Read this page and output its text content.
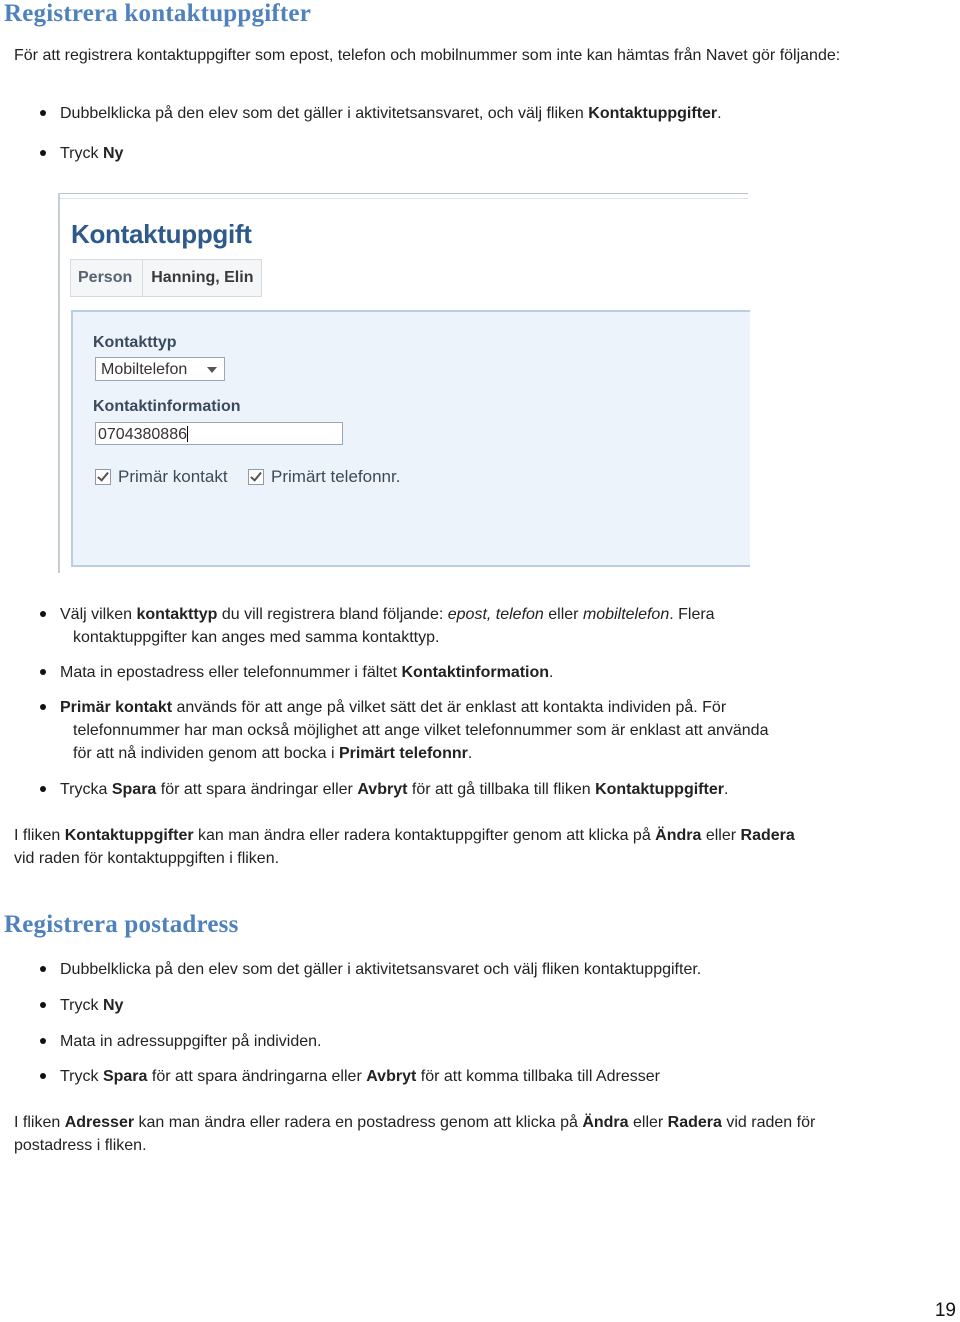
Registrera kontaktuppgifter
För att registrera kontaktuppgifter som epost, telefon och mobilnummer som inte kan hämtas från Navet gör följande:
Dubbelklicka på den elev som det gäller i aktivitetsansvaret, och välj fliken Kontaktuppgifter.
Tryck Ny
Kontaktuppgift
Person	Hanning, Elin
Kontakttyp
Mobiltelefon
Kontaktinformation
0704380886
Primär kontakt	Primärt telefonnr.
Välj vilken kontakttyp du vill registrera bland följande: epost, telefon eller mobiltelefon. Flera
kontaktuppgifter kan anges med samma kontakttyp.
Mata in epostadress eller telefonnummer i fältet Kontaktinformation.
Primär kontakt används för att ange på vilket sätt det är enklast att kontakta individen på. För
telefonnummer har man också möjlighet att ange vilket telefonnummer som är enklast att använda
för att nå individen genom att bocka i Primärt telefonnr.
Trycka Spara för att spara ändringar eller Avbryt för att gå tillbaka till fliken Kontaktuppgifter.
I fliken Kontaktuppgifter kan man ändra eller radera kontaktuppgifter genom att klicka på Ändra eller Radera
vid raden för kontaktuppgiften i fliken.
Registrera postadress
Dubbelklicka på den elev som det gäller i aktivitetsansvaret och välj fliken kontaktuppgifter.
Tryck Ny
Mata in adressuppgifter på individen.
Tryck Spara för att spara ändringarna eller Avbryt för att komma tillbaka till Adresser
I fliken Adresser kan man ändra eller radera en postadress genom att klicka på Ändra eller Radera vid raden för
postadress i fliken.
19
